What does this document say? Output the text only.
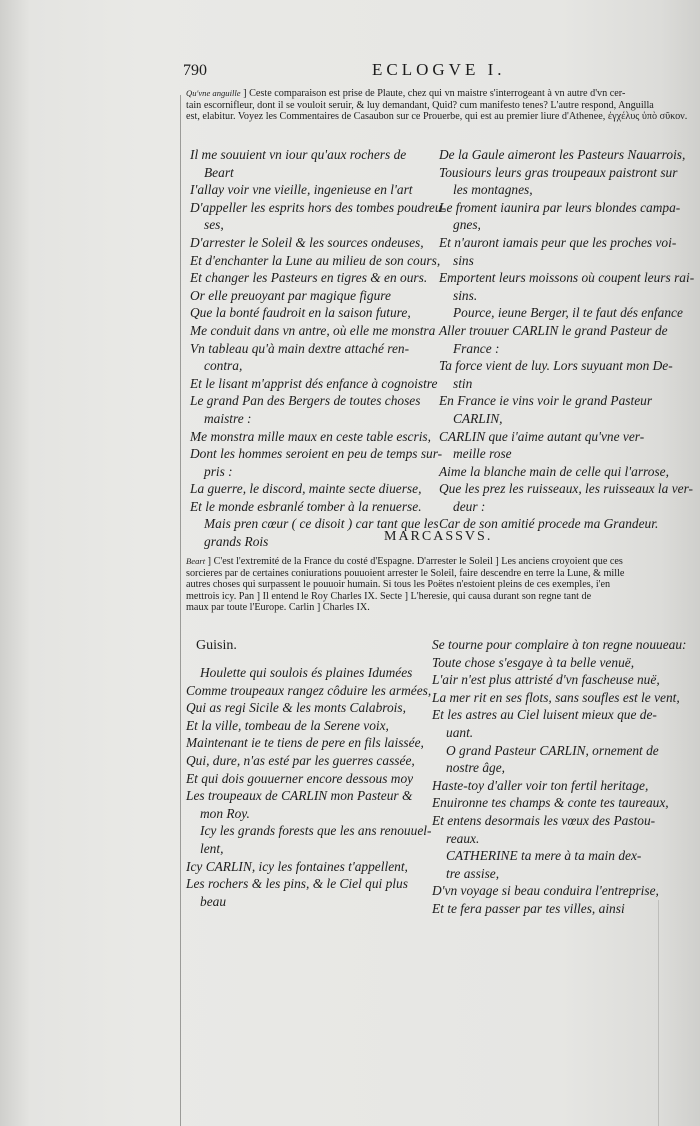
790	ECLOGVE I.
Qu'vne anguille ] Ceste comparaison est prise de Plaute, chez qui vn maistre s'interrogeant à vn autre d'vn cer-
tain escornifleur, dont il se vouloit seruir, & luy demandant, Quid? cum manifesto tenes? L'autre respond, Anguilla
est, elabitur. Voyez les Commentaires de Casaubon sur ce Prouerbe, qui est au premier liure d'Athenee, ἐγχέλυς ὑπὸ σῦκον.
Il me souuient vn iour qu'aux rochers de
Beart
I'allay voir vne vieille, ingenieuse en l'art
D'appeller les esprits hors des tombes poudreu-
ses,
D'arrester le Soleil & les sources ondeuses,
Et d'enchanter la Lune au milieu de son cours,
Et changer les Pasteurs en tigres & en ours.
Or elle preuoyant par magique figure
Que la bonté faudroit en la saison future,
Me conduit dans vn antre, où elle me monstra
Vn tableau qu'à main dextre attaché ren-
contra,
Et le lisant m'apprist dés enfance à cognoistre
Le grand Pan des Bergers de toutes choses
maistre :
Me monstra mille maux en ceste table escris,
Dont les hommes seroient en peu de temps sur-
pris :
La guerre, le discord, mainte secte diuerse,
Et le monde esbranlé tomber à la renuerse.
Mais pren cœur ( ce disoit ) car tant que les
grands Rois
De la Gaule aimeront les Pasteurs Nauarrois,
Tousiours leurs gras troupeaux paistront sur
les montagnes,
Le froment iaunira par leurs blondes campa-
gnes,
Et n'auront iamais peur que les proches voi-
sins
Emportent leurs moissons où coupent leurs rai-
sins.
Pource, ieune Berger, il te faut dés enfance
Aller trouuer CARLIN le grand Pasteur de
France :
Ta force vient de luy. Lors suyuant mon De-
stin
En France ie vins voir le grand Pasteur
CARLIN,
CARLIN que i'aime autant qu'vne ver-
meille rose
Aime la blanche main de celle qui l'arrose,
Que les prez les ruisseaux, les ruisseaux la ver-
deur :
Car de son amitié procede ma Grandeur.
MARCASSVS.
Beart ] C'est l'extremité de la France du costé d'Espagne. D'arrester le Soleil ] Les anciens croyoient que ces
sorcieres par de certaines coniurations pouuoient arrester le Soleil, faire descendre en terre la Lune, & mille
autres choses qui surpassent le pouuoir humain. Si tous les Poëtes n'estoient pleins de ces exemples, i'en
mettrois icy. Pan ] Il entend le Roy Charles IX. Secte ] L'heresie, qui causa durant son regne tant de
maux par toute l'Europe. Carlin ] Charles IX.
Guisin.
Houlette qui soulois és plaines Idumées
Comme troupeaux rangez côduire les armées,
Qui as regi Sicile & les monts Calabrois,
Et la ville, tombeau de la Serene voix,
Maintenant ie te tiens de pere en fils laissée,
Qui, dure, n'as esté par les guerres cassée,
Et qui dois gouuerner encore dessous moy
Les troupeaux de CARLIN mon Pasteur &
mon Roy.
Icy les grands forests que les ans renouuel-
lent,
Icy CARLIN, icy les fontaines t'appellent,
Les rochers & les pins, & le Ciel qui plus
beau
Se tourne pour complaire à ton regne nouueau:
Toute chose s'esgaye à ta belle venuë,
L'air n'est plus attristé d'vn fascheuse nuë,
La mer rit en ses flots, sans soufles est le vent,
Et les astres au Ciel luisent mieux que de-
uant.
O grand Pasteur CARLIN, ornement de
nostre âge,
Haste-toy d'aller voir ton fertil heritage,
Enuironne tes champs & conte tes taureaux,
Et entens desormais les vœux des Pastou-
reaux.
CATHERINE ta mere à ta main dex-
tre assise,
D'vn voyage si beau conduira l'entreprise,
Et te fera passer par tes villes, ainsi
